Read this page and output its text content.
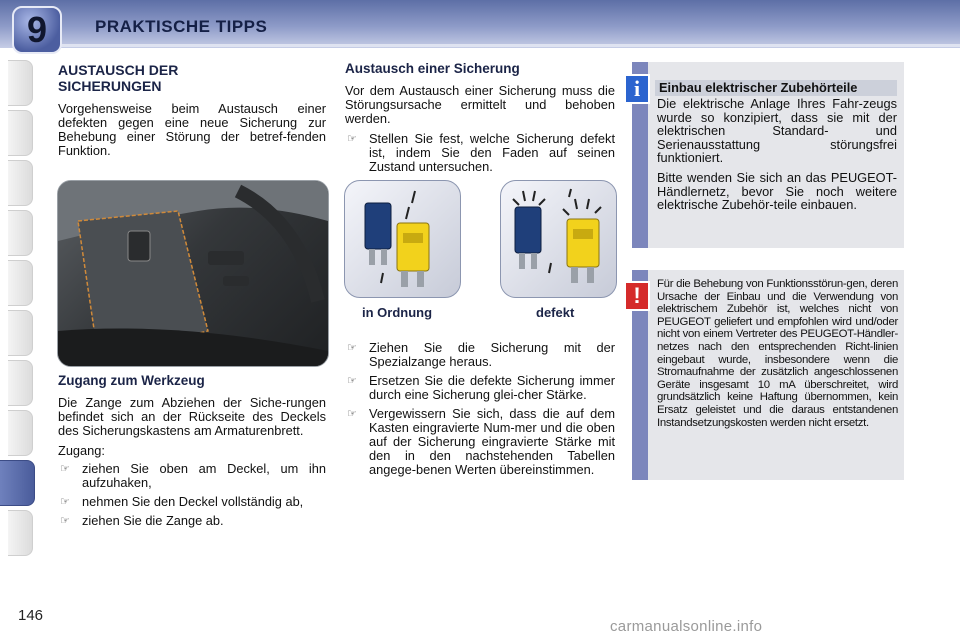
9	PRAKTISCHE TIPPS
AUSTAUSCH DER SICHERUNGEN

Vorgehensweise beim Austausch einer defekten gegen eine neue Sicherung zur Behebung einer Störung der betref-fenden Funktion.

Zugang zum Werkzeug

Die Zange zum Abziehen der Siche-rungen befindet sich an der Rückseite des Deckels des Sicherungskastens am Armaturenbrett.

Zugang:

☞ ziehen Sie oben am Deckel, um ihn aufzuhaken,
☞ nehmen Sie den Deckel vollständig ab,
☞ ziehen Sie die Zange ab.
Austausch einer Sicherung

Vor dem Austausch einer Sicherung muss die Störungsursache ermittelt und behoben werden.

☞ Stellen Sie fest, welche Sicherung defekt ist, indem Sie den Faden auf seinen Zustand untersuchen.
in Ordnung	defekt
☞ Ziehen Sie die Sicherung mit der Spezialzange heraus.
☞ Ersetzen Sie die defekte Sicherung immer durch eine Sicherung glei-cher Stärke.
☞ Vergewissern Sie sich, dass die auf dem Kasten eingravierte Num-mer und die oben auf der Sicherung eingravierte Stärke mit den in den nachstehenden Tabellen angege-benen Werten übereinstimmen.
i	Einbau elektrischer Zubehörteile

Die elektrische Anlage Ihres Fahr-zeugs wurde so konzipiert, dass sie mit der elektrischen Standard- und Serienausstattung störungsfrei funktioniert.

Bitte wenden Sie sich an das PEUGEOT-Händlernetz, bevor Sie noch weitere elektrische Zubehör-teile einbauen.

!	Für die Behebung von Funktionsstörun-gen, deren Ursache der Einbau und die Verwendung von elektrischem Zubehör ist, welches nicht von PEUGEOT geliefert und empfohlen wird und/oder nicht von einem Vertreter des PEUGEOT-Händler-netzes nach den entsprechenden Richt-linien eingebaut wurde, insbesondere wenn die Stromaufnahme der zusätzlich angeschlossenen Geräte insgesamt 10 mA überschreitet, wird grundsätzlich keine Haftung übernommen, kein Ersatz geleistet und die daraus entstandenen Instandsetzungskosten werden nicht ersetzt.
146
carmanualsonline.info
